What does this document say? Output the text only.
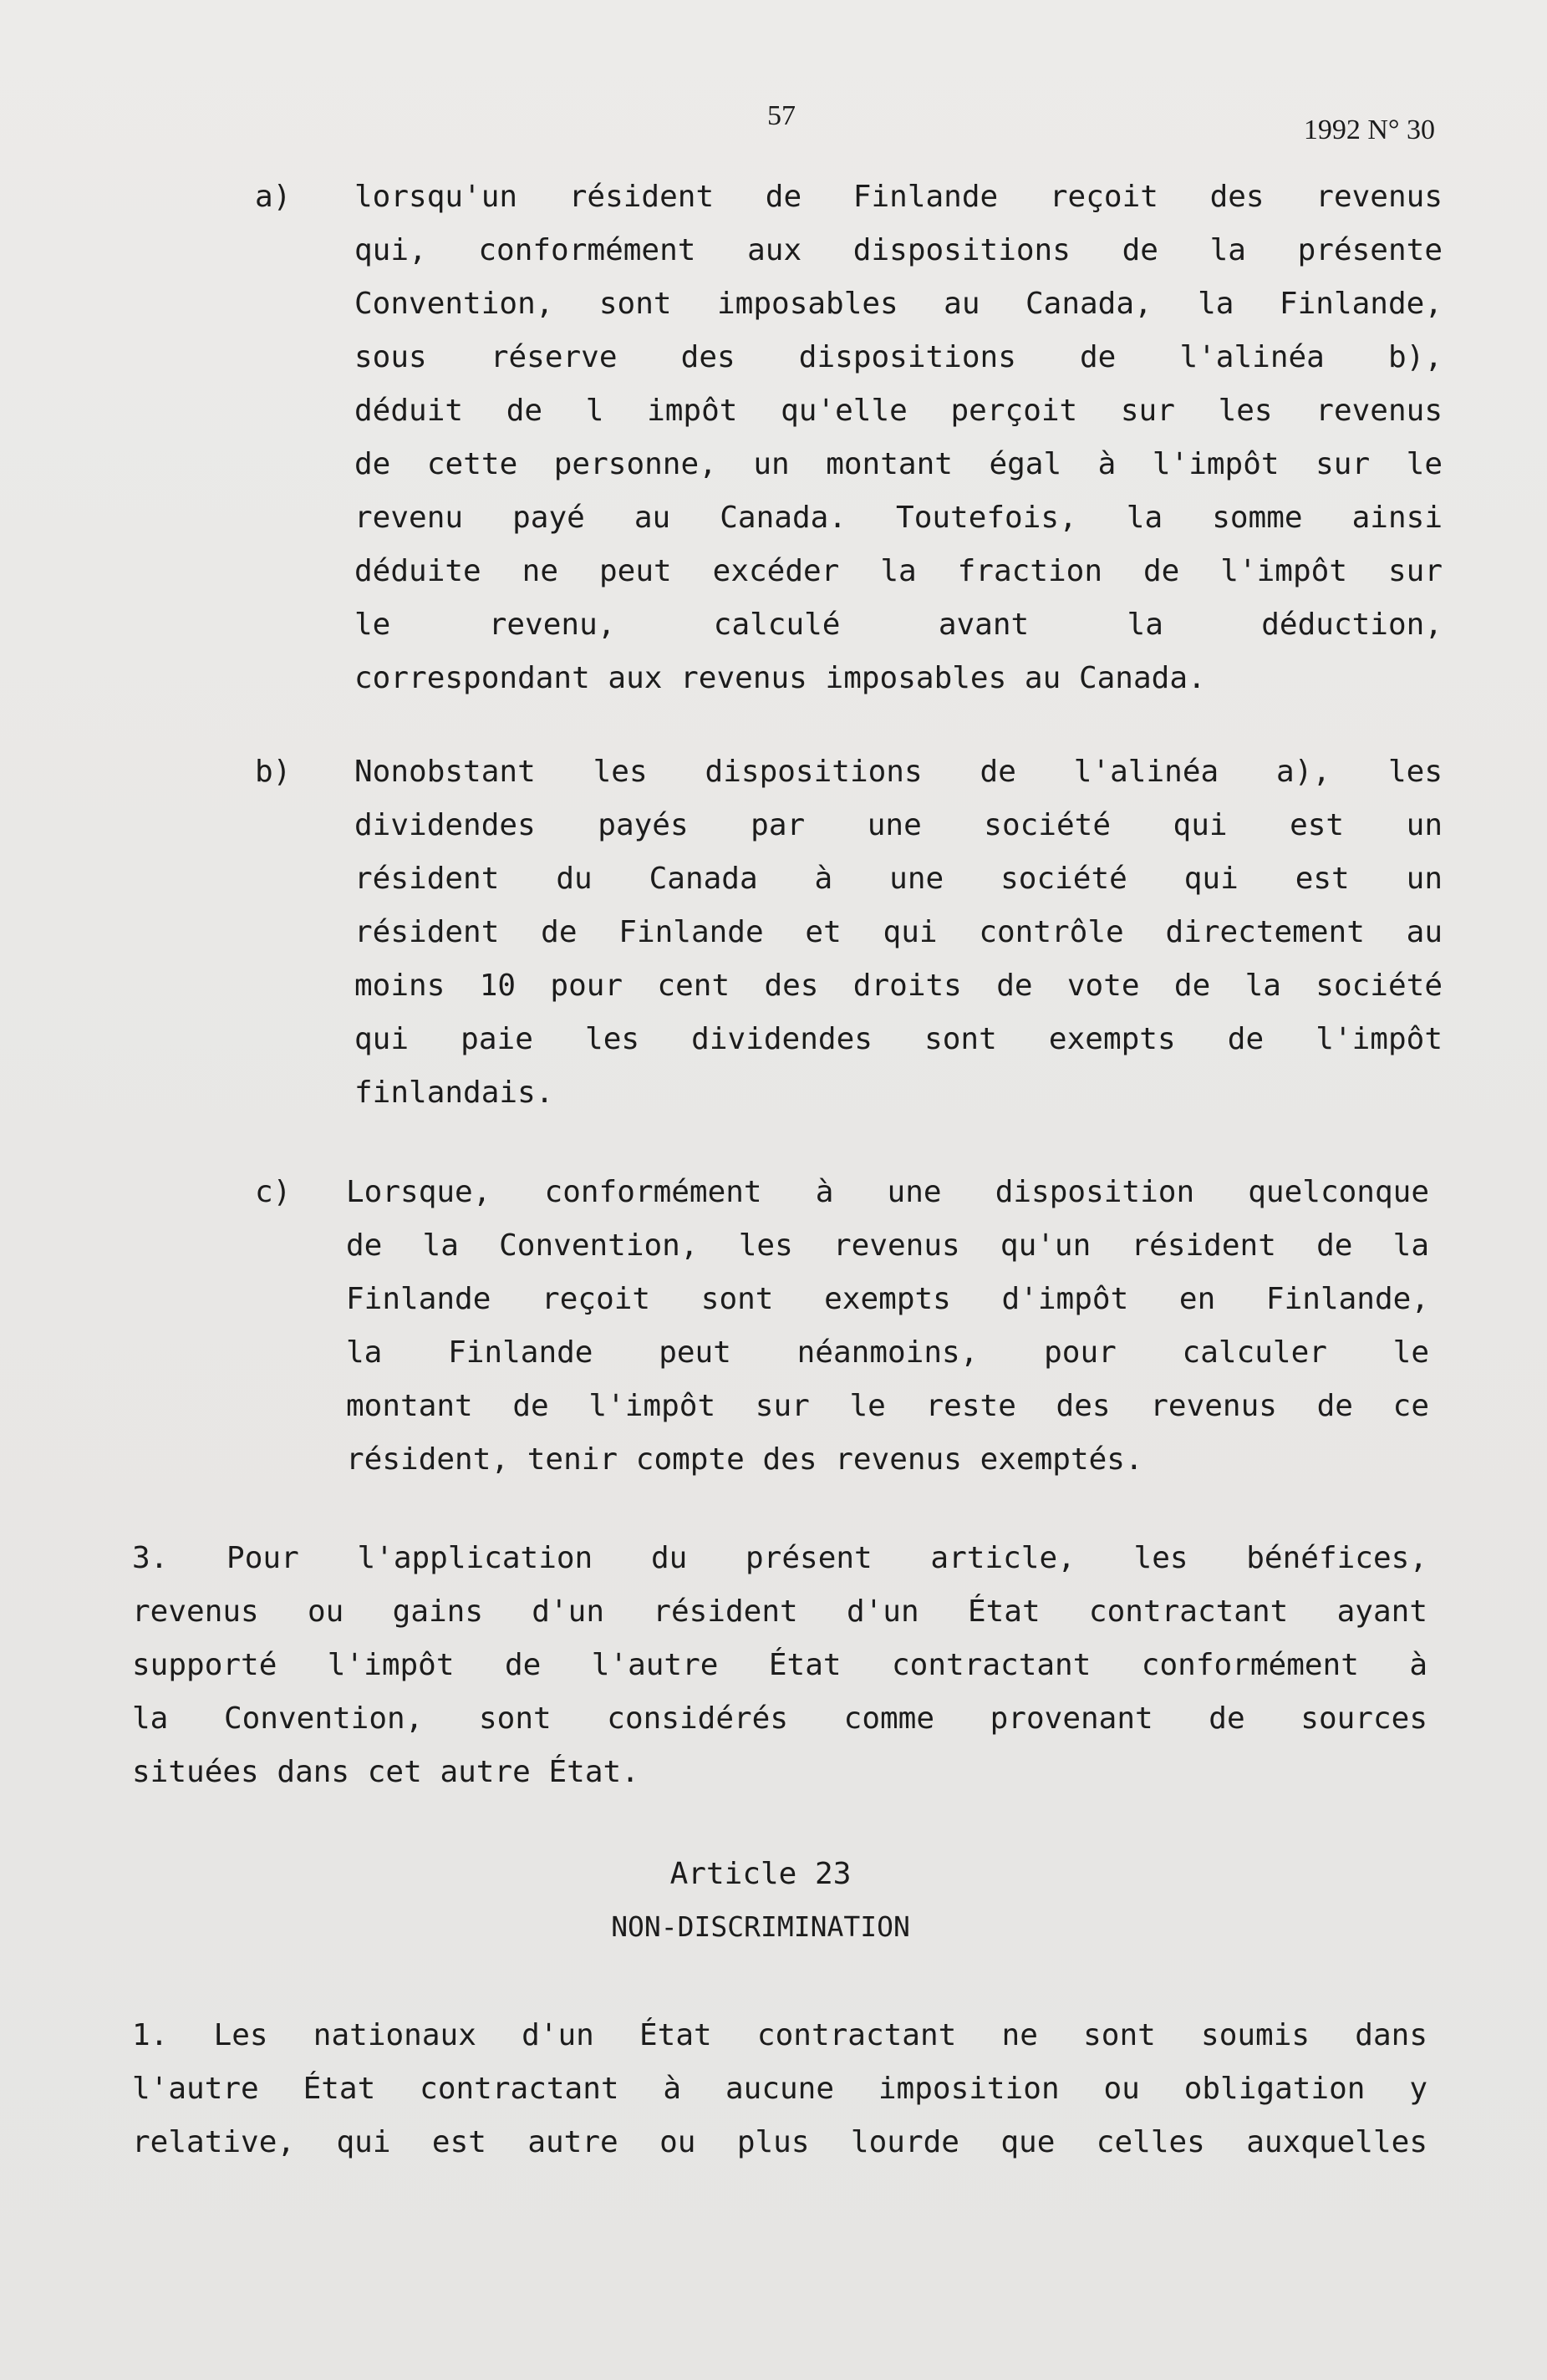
57	1992 N° 30
a) lorsqu'un résident de Finlande reçoit des revenus
qui, conformément aux dispositions de la présente
Convention, sont imposables au Canada, la Finlande,
sous réserve des dispositions de l'alinéa b),
déduit de l impôt qu'elle perçoit sur les revenus
de cette personne, un montant égal à l'impôt sur le
revenu payé au Canada. Toutefois, la somme ainsi
déduite ne peut excéder la fraction de l'impôt sur
le revenu, calculé avant la déduction,
correspondant aux revenus imposables au Canada.
b) Nonobstant les dispositions de l'alinéa a), les
dividendes payés par une société qui est un
résident du Canada à une société qui est un
résident de Finlande et qui contrôle directement au
moins 10 pour cent des droits de vote de la société
qui paie les dividendes sont exempts de l'impôt
finlandais.
c) Lorsque, conformément à une disposition quelconque
de la Convention, les revenus qu'un résident de la
Finlande reçoit sont exempts d'impôt en Finlande,
la Finlande peut néanmoins, pour calculer le
montant de l'impôt sur le reste des revenus de ce
résident, tenir compte des revenus exemptés.
3. Pour l'application du présent article, les bénéfices,
revenus ou gains d'un résident d'un État contractant ayant
supporté l'impôt de l'autre État contractant conformément à
la Convention, sont considérés comme provenant de sources
situées dans cet autre État.
Article 23
NON-DISCRIMINATION
1. Les nationaux d'un État contractant ne sont soumis dans
l'autre État contractant à aucune imposition ou obligation y
relative, qui est autre ou plus lourde que celles auxquelles
